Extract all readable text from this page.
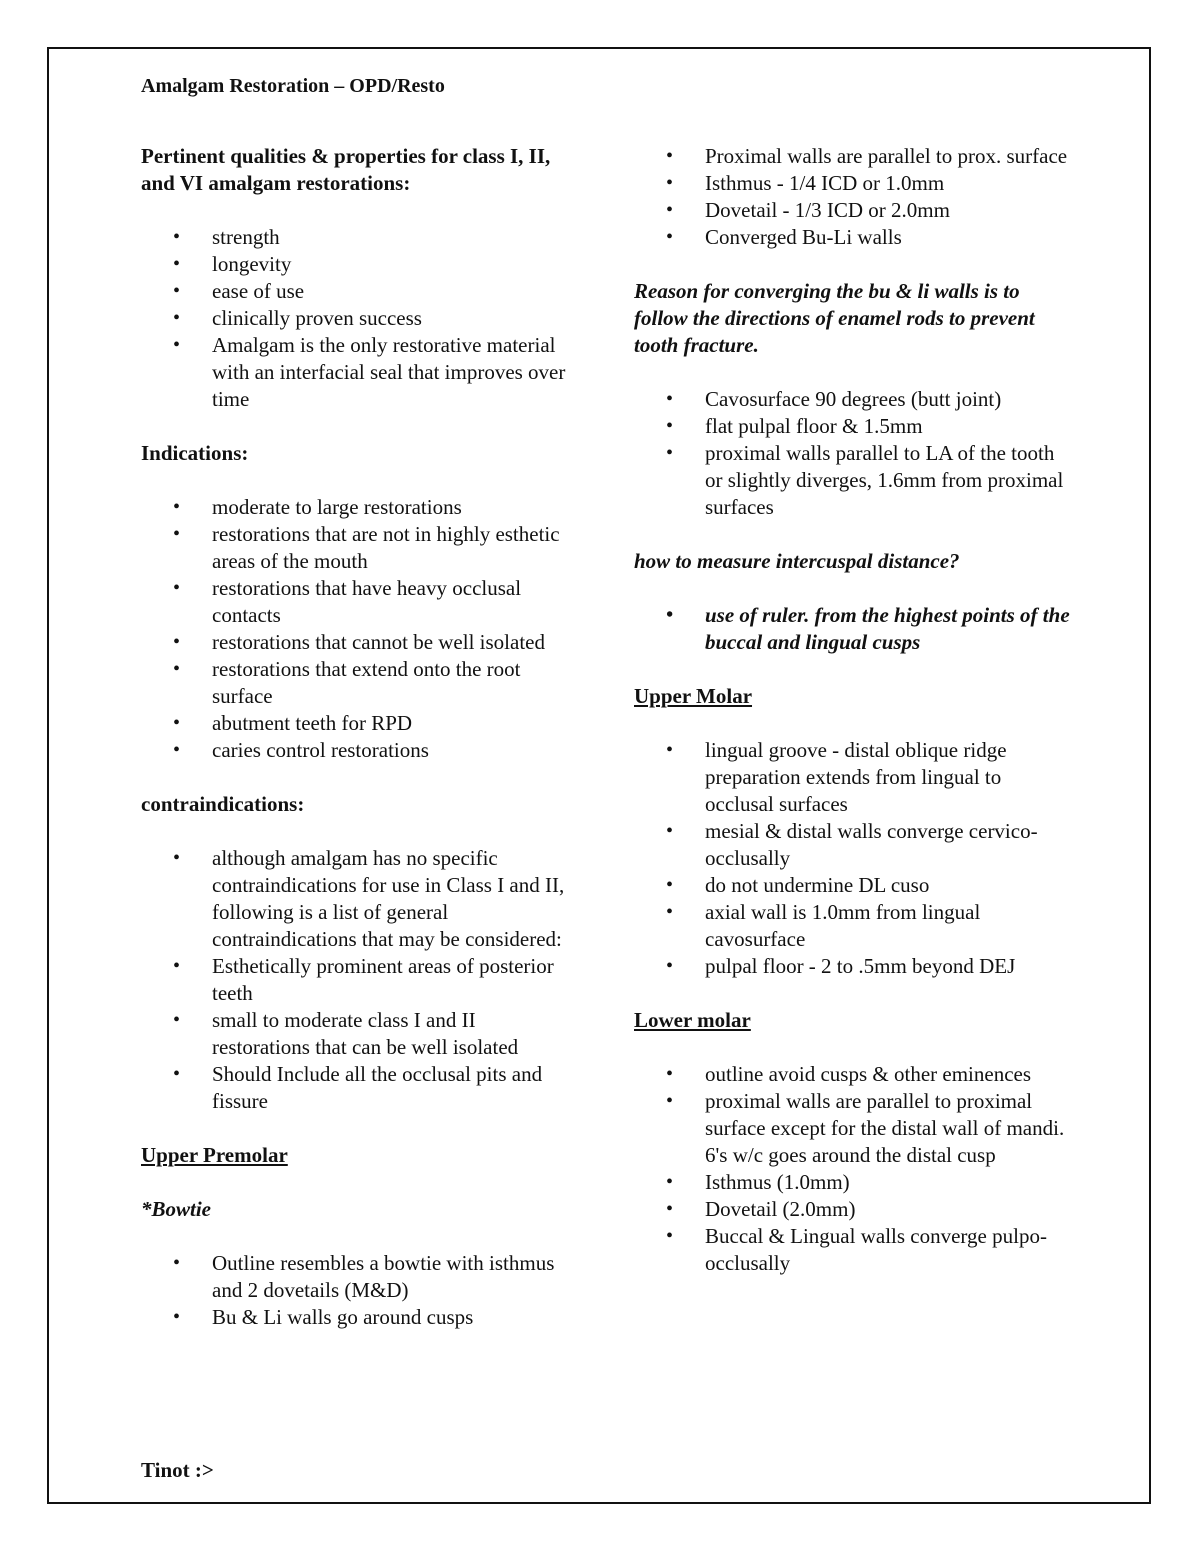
Amalgam Restoration – OPD/Resto

Pertinent qualities & properties for class I, II, and VI amalgam restorations:

• strength
• longevity
• ease of use
• clinically proven success
• Amalgam is the only restorative material with an interfacial seal that improves over time

Indications:

• moderate to large restorations
• restorations that are not in highly esthetic areas of the mouth
• restorations that have heavy occlusal contacts
• restorations that cannot be well isolated
• restorations that extend onto the root surface
• abutment teeth for RPD
• caries control restorations

contraindications:

• although amalgam has no specific contraindications for use in Class I and II, following is a list of general contraindications that may be considered:
• Esthetically prominent areas of posterior teeth
• small to moderate class I and II restorations that can be well isolated
• Should Include all the occlusal pits and fissure

Upper Premolar

*Bowtie

• Outline resembles a bowtie with isthmus and 2 dovetails (M&D)
• Bu & Li walls go around cusps
• Proximal walls are parallel to prox. surface
• Isthmus - 1/4 ICD or 1.0mm
• Dovetail - 1/3 ICD or 2.0mm
• Converged Bu-Li walls

Reason for converging the bu & li walls is to follow the directions of enamel rods to prevent tooth fracture.

• Cavosurface 90 degrees (butt joint)
• flat pulpal floor & 1.5mm
• proximal walls parallel to LA of the tooth or slightly diverges, 1.6mm from proximal surfaces

how to measure intercuspal distance?

• use of ruler. from the highest points of the buccal and lingual cusps

Upper Molar

• lingual groove - distal oblique ridge preparation extends from lingual to occlusal surfaces
• mesial & distal walls converge cervico-occlusally
• do not undermine DL cuso
• axial wall is 1.0mm from lingual cavosurface
• pulpal floor - 2 to .5mm beyond DEJ

Lower molar

• outline avoid cusps & other eminences
• proximal walls are parallel to proximal surface except for the distal wall of mandi. 6's w/c goes around the distal cusp
• Isthmus (1.0mm)
• Dovetail (2.0mm)
• Buccal & Lingual walls converge pulpo-occlusally

Tinot :>
